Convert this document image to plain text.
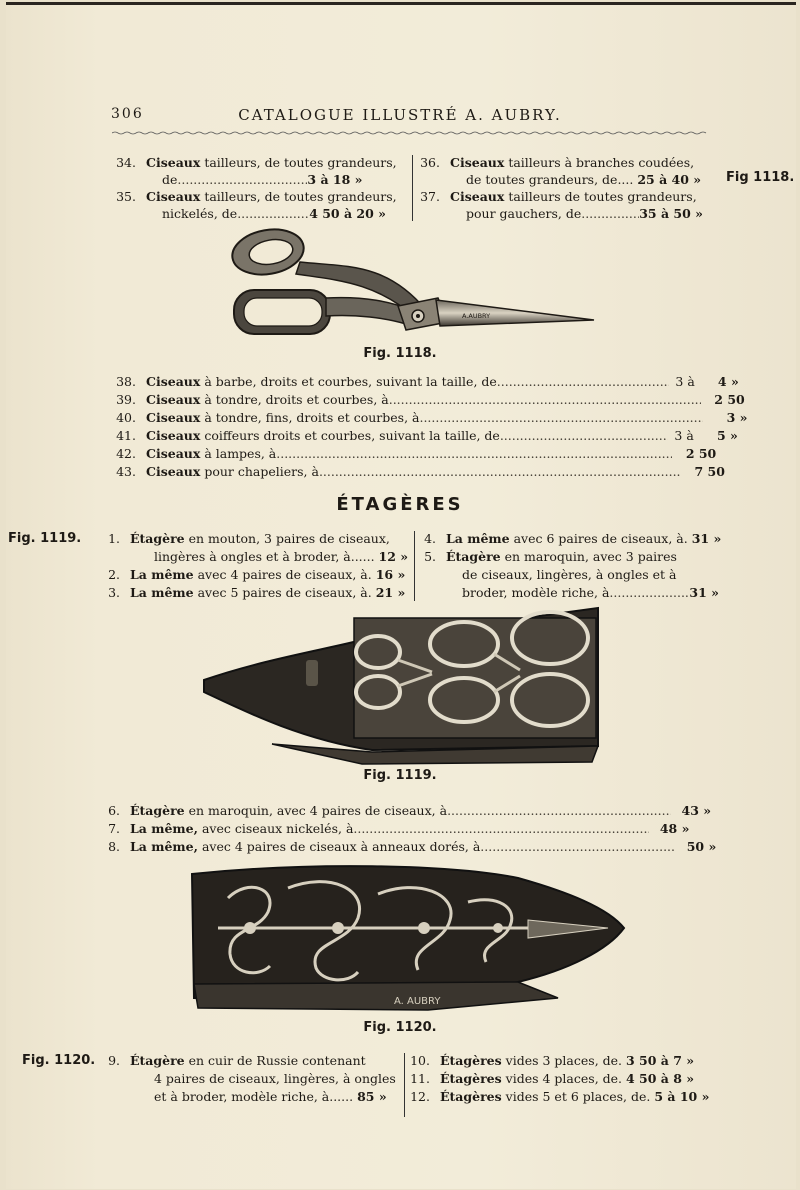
306	CATALOGUE ILLUSTRÉ A. AUBRY.
34. Ciseaux tailleurs, de toutes grandeurs,
de .....	3 à 18 »
35. Ciseaux tailleurs, de toutes grandeurs,
nickelés, de .....	4 50 à 20 »
36. Ciseaux tailleurs à branches coudées,
de toutes grandeurs, de.... 25 à 40 »
37. Ciseaux tailleurs de toutes grandeurs,
pour gauchers, de .....	35 à 50 »
Fig 1118.
A.AUBRY
Fig. 1118.
38. Ciseaux à barbe, droits et courbes, suivant la taille, de .....	3 à 4 »
39. Ciseaux à tondre, droits et courbes, à .....	2 50
40. Ciseaux à tondre, fins, droits et courbes, à .....	3 »
41. Ciseaux coiffeurs droits et courbes, suivant la taille, de .....	3 à 5 »
42. Ciseaux à lampes, à .....	2 50
43. Ciseaux pour chapeliers, à .....	7 50
ÉTAGÈRES
Fig. 1119.	1. Étagère en mouton, 3 paires de ciseaux,
lingères à ongles et à broder, à...... 12 »
2. La même avec 4 paires de ciseaux, à. 16 »
3. La même avec 5 paires de ciseaux, à. 21 »
4. La même avec 6 paires de ciseaux, à. 31 »
5. Étagère en maroquin, avec 3 paires
de ciseaux, lingères, à ongles et à
broder, modèle riche, à .....	31 »
Fig. 1119.
6. Étagère en maroquin, avec 4 paires de ciseaux, à .....	43 »
7. La même, avec ciseaux nickelés, à .....	48 »
8. La même, avec 4 paires de ciseaux à anneaux dorés, à .....	50 »
A. AUBRY
Fig. 1120.
Fig. 1120.	9. Étagère en cuir de Russie contenant
4 paires de ciseaux, lingères, à ongles
et à broder, modèle riche, à...... 85 »
10. Étagères vides 3 places, de. 3 50 à 7 »
11. Étagères vides 4 places, de. 4 50 à 8 »
12. Étagères vides 5 et 6 places, de. 5 à 10 »
